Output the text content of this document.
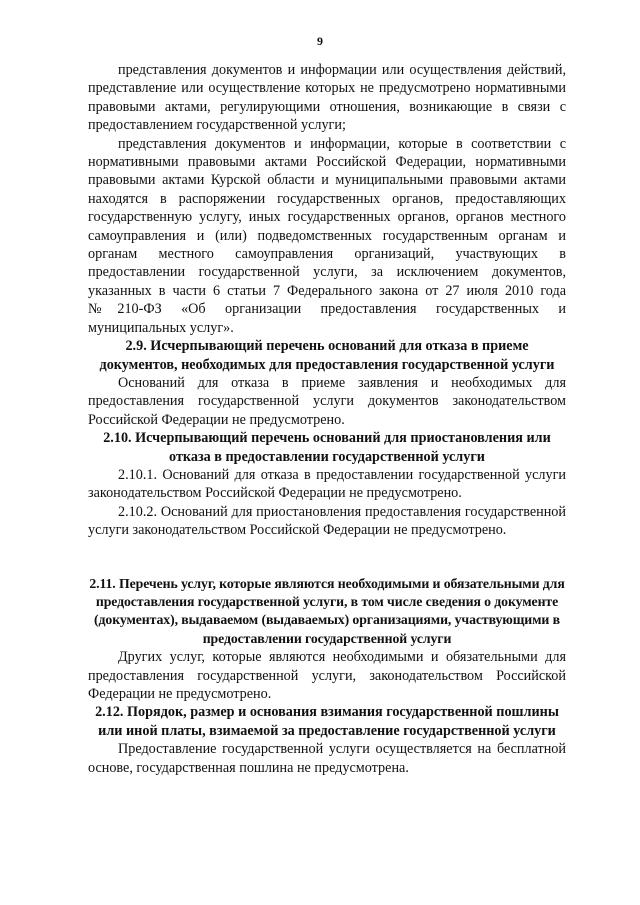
9

представления документов и информации или осуществления действий, представление или осуществление которых не предусмотрено нормативными правовыми актами, регулирующими отношения, возникающие в связи с предоставлением государственной услуги;

представления документов и информации, которые в соответствии с нормативными правовыми актами Российской Федерации, нормативными правовыми актами Курской области и муниципальными правовыми актами находятся в распоряжении государственных органов, предоставляющих государственную услугу, иных государственных органов, органов местного самоуправления и (или) подведомственных государственным органам и органам местного самоуправления организаций, участвующих в предоставлении государственной услуги, за исключением документов, указанных в части 6 статьи 7 Федерального закона от 27 июля 2010 года №210-ФЗ «Об организации предоставления государственных и муниципальных услуг».

2.9. Исчерпывающий перечень оснований для отказа в приеме документов, необходимых для предоставления государственной услуги

Оснований для отказа в приеме заявления и необходимых для предоставления государственной услуги документов законодательством Российской Федерации не предусмотрено.

2.10. Исчерпывающий перечень оснований для приостановления или отказа в предоставлении государственной услуги

2.10.1. Оснований для отказа в предоставлении государственной услуги законодательством Российской Федерации не предусмотрено.

2.10.2. Оснований для приостановления предоставления государственной услуги законодательством Российской Федерации не предусмотрено.

2.11. Перечень услуг, которые являются необходимыми и обязательными для предоставления государственной услуги, в том числе сведения о документе (документах), выдаваемом (выдаваемых) организациями, участвующими в предоставлении государственной услуги

Других услуг, которые являются необходимыми и обязательными для предоставления государственной услуги, законодательством Российской Федерации не предусмотрено.

2.12. Порядок, размер и основания взимания государственной пошлины или иной платы, взимаемой за предоставление государственной услуги

Предоставление государственной услуги осуществляется на бесплатной основе, государственная пошлина не предусмотрена.
